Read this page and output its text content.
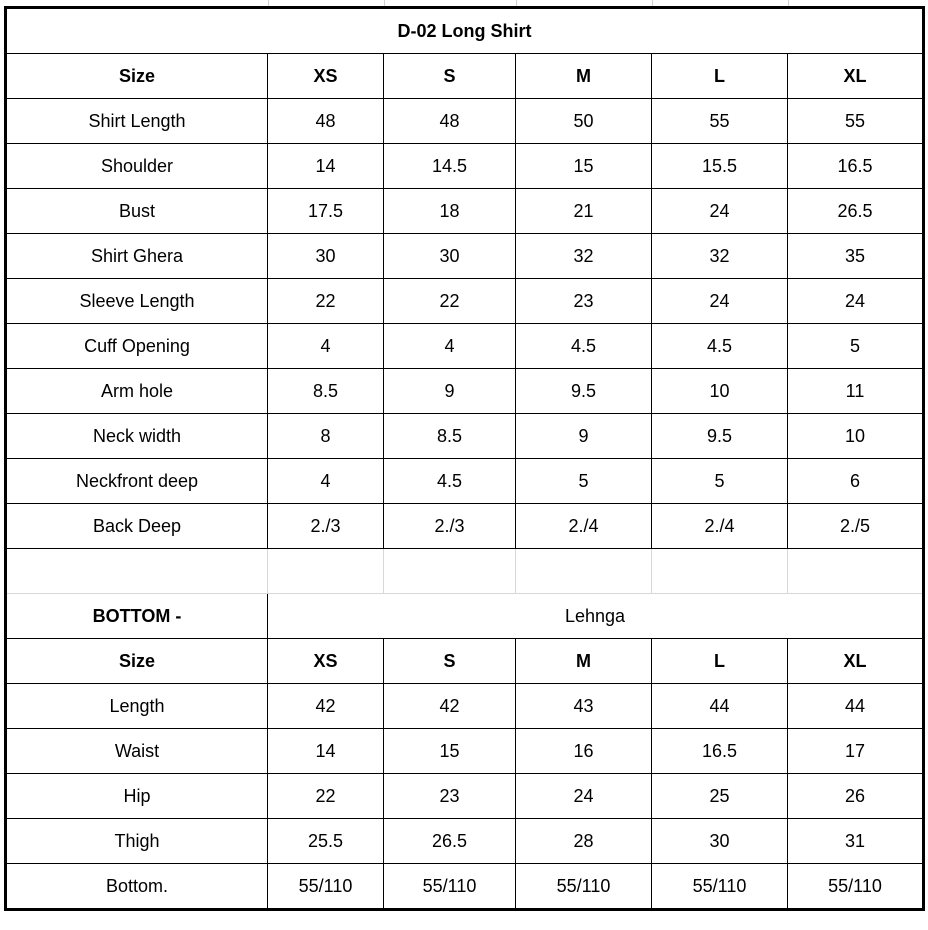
D-02 Long Shirt					
Size	XS	S	M	L	XL
Shirt Length	48	48	50	55	55
Shoulder	14	14.5	15	15.5	16.5
Bust	17.5	18	21	24	26.5
Shirt Ghera	30	30	32	32	35
Sleeve Length	22	22	23	24	24
Cuff Opening	4	4	4.5	4.5	5
Arm hole	8.5	9	9.5	10	11
Neck width	8	8.5	9	9.5	10
Neckfront deep	4	4.5	5	5	6
Back Deep	2./3	2./3	2./4	2./4	2./5

BOTTOM -	Lehnga				
Size	XS	S	M	L	XL
Length	42	42	43	44	44
Waist	14	15	16	16.5	17
Hip	22	23	24	25	26
Thigh	25.5	26.5	28	30	31
Bottom.	55/110	55/110	55/110	55/110	55/110
